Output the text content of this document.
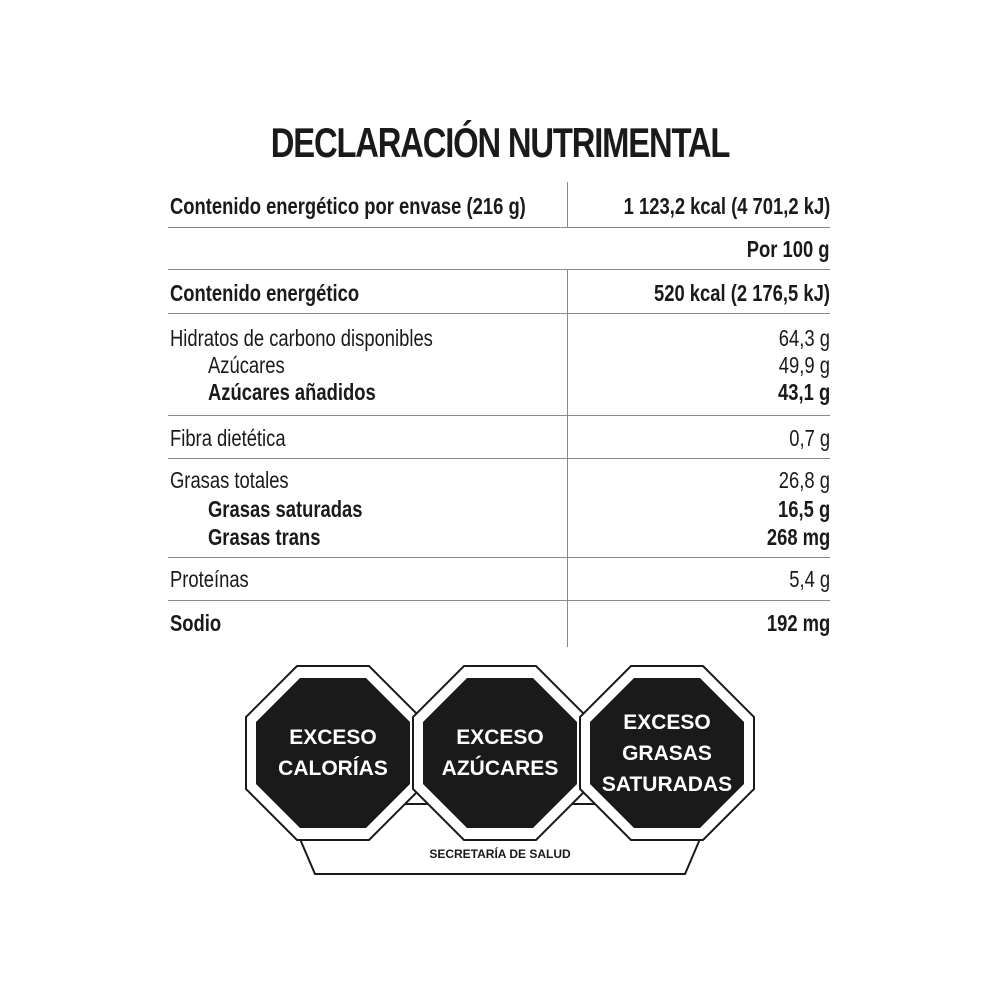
DECLARACIÓN NUTRIMENTAL
Contenido energético por envase (216 g)	1 123,2 kcal (4 701,2 kJ)
Por 100 g
Contenido energético	520 kcal (2 176,5 kJ)
Hidratos de carbono disponibles	64,3 g
Azúcares	49,9 g
Azúcares añadidos	43,1 g
Fibra dietética	0,7 g
Grasas totales	26,8 g
Grasas saturadas	16,5 g
Grasas trans	268 mg
Proteínas	5,4 g
Sodio	192 mg
EXCESO
CALORÍAS
EXCESO
AZÚCARES
EXCESO
GRASAS
SATURADAS
SECRETARÍA DE SALUD
